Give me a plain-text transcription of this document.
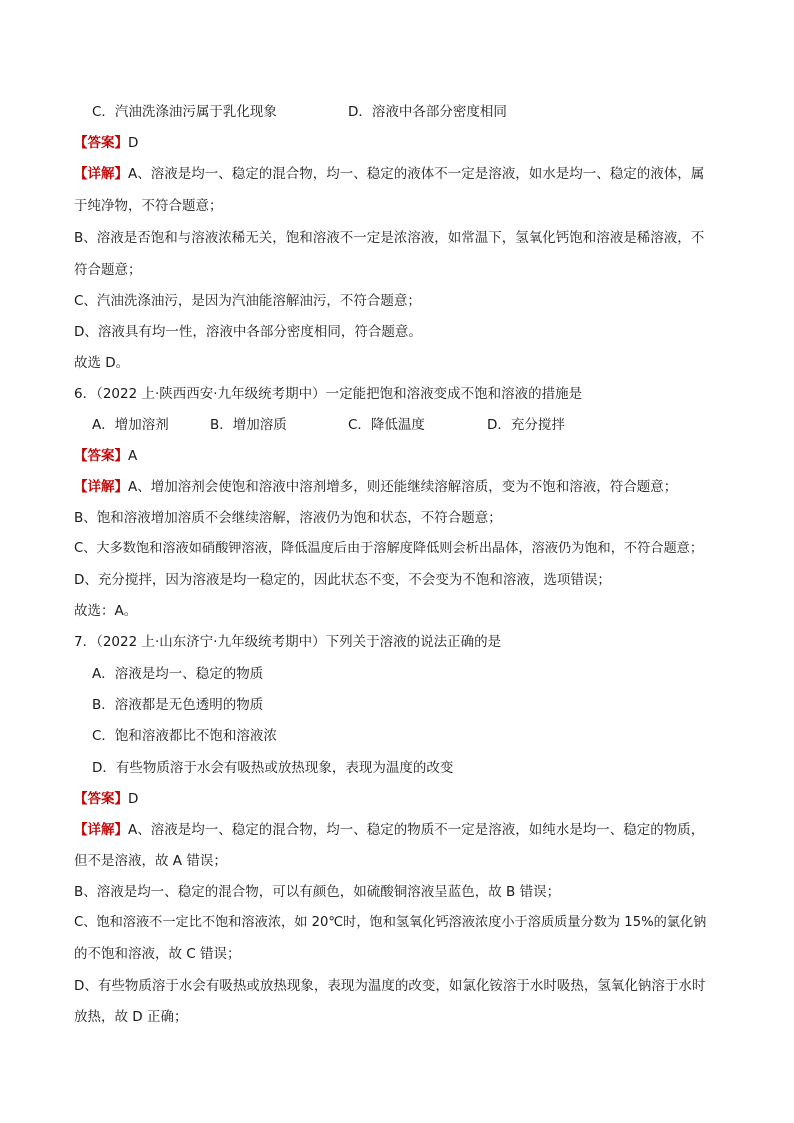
C．汽油洗涤油污属于乳化现象	D．溶液中各部分密度相同
【答案】D
【详解】A、溶液是均一、稳定的混合物，均一、稳定的液体不一定是溶液，如水是均一、稳定的液体，属
于纯净物，不符合题意；
B、溶液是否饱和与溶液浓稀无关，饱和溶液不一定是浓溶液，如常温下，氢氧化钙饱和溶液是稀溶液，不
符合题意；
C、汽油洗涤油污，是因为汽油能溶解油污，不符合题意；
D、溶液具有均一性，溶液中各部分密度相同，符合题意。
故选 D。
6．（2022 上·陕西西安·九年级统考期中）一定能把饱和溶液变成不饱和溶液的措施是
A．增加溶剂	B．增加溶质	C．降低温度	D．充分搅拌
【答案】A
【详解】A、增加溶剂会使饱和溶液中溶剂增多，则还能继续溶解溶质，变为不饱和溶液，符合题意；
B、饱和溶液增加溶质不会继续溶解，溶液仍为饱和状态，不符合题意；
C、大多数饱和溶液如硝酸钾溶液，降低温度后由于溶解度降低则会析出晶体，溶液仍为饱和，不符合题意；
D、充分搅拌，因为溶液是均一稳定的，因此状态不变，不会变为不饱和溶液，选项错误；
故选：A。
7．（2022 上·山东济宁·九年级统考期中）下列关于溶液的说法正确的是
A．溶液是均一、稳定的物质
B．溶液都是无色透明的物质
C．饱和溶液都比不饱和溶液浓
D．有些物质溶于水会有吸热或放热现象，表现为温度的改变
【答案】D
【详解】A、溶液是均一、稳定的混合物，均一、稳定的物质不一定是溶液，如纯水是均一、稳定的物质，
但不是溶液，故 A 错误；
B、溶液是均一、稳定的混合物，可以有颜色，如硫酸铜溶液呈蓝色，故 B 错误；
C、饱和溶液不一定比不饱和溶液浓，如 20℃时，饱和氢氧化钙溶液浓度小于溶质质量分数为 15%的氯化钠
的不饱和溶液，故 C 错误；
D、有些物质溶于水会有吸热或放热现象，表现为温度的改变，如氯化铵溶于水时吸热，氢氧化钠溶于水时
放热，故 D 正确；
